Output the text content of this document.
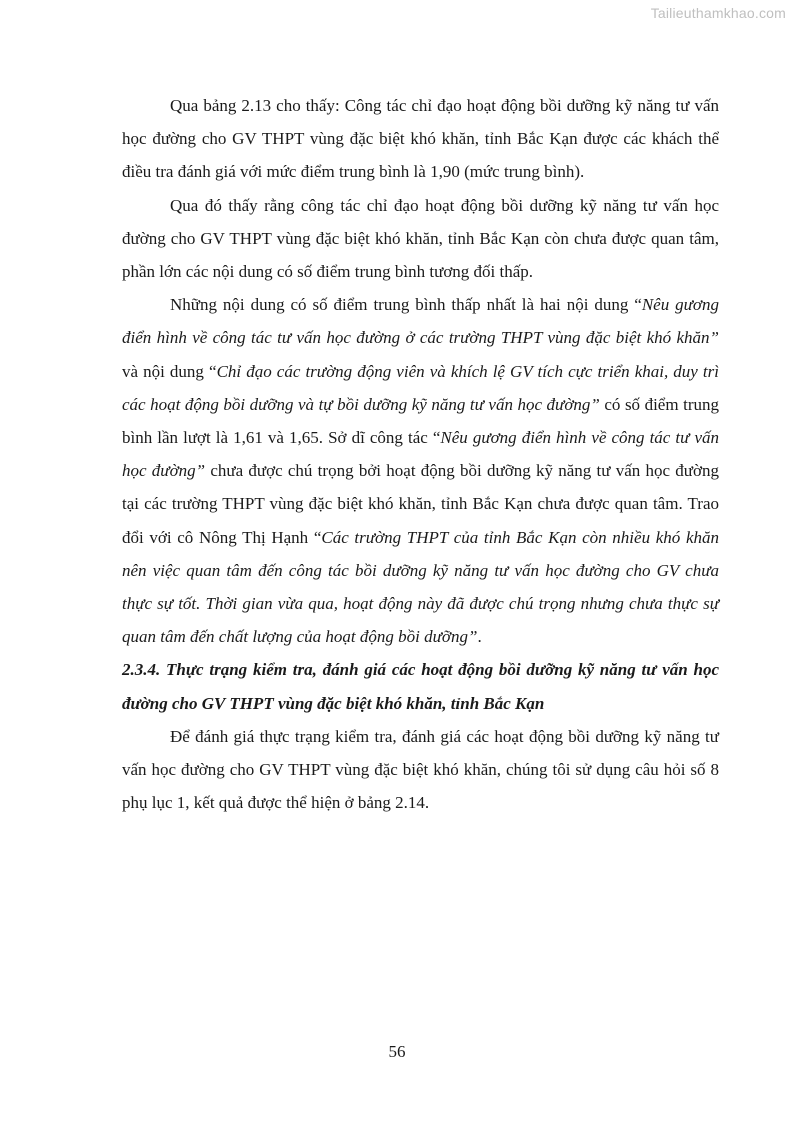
Tailieuthamkhao.com

Qua bảng 2.13 cho thấy: Công tác chỉ đạo hoạt động bồi dưỡng kỹ năng tư vấn học đường cho GV THPT vùng đặc biệt khó khăn, tỉnh Bắc Kạn được các khách thể điều tra đánh giá với mức điểm trung bình là 1,90 (mức trung bình).

Qua đó thấy rằng công tác chỉ đạo hoạt động bồi dưỡng kỹ năng tư vấn học đường cho GV THPT vùng đặc biệt khó khăn, tỉnh Bắc Kạn còn chưa được quan tâm, phần lớn các nội dung có số điểm trung bình tương đối thấp.

Những nội dung có số điểm trung bình thấp nhất là hai nội dung “Nêu gương điển hình về công tác tư vấn học đường ở các trường THPT vùng đặc biệt khó khăn” và nội dung “Chỉ đạo các trường động viên và khích lệ GV tích cực triển khai, duy trì các hoạt động bồi dưỡng và tự bồi dưỡng kỹ năng tư vấn học đường” có số điểm trung bình lần lượt là 1,61 và 1,65. Sở dĩ công tác “Nêu gương điển hình về công tác tư vấn học đường” chưa được chú trọng bởi hoạt động bồi dưỡng kỹ năng tư vấn học đường tại các trường THPT vùng đặc biệt khó khăn, tỉnh Bắc Kạn chưa được quan tâm. Trao đổi với cô Nông Thị Hạnh “Các trường THPT của tỉnh Bắc Kạn còn nhiều khó khăn nên việc quan tâm đến công tác bồi dưỡng kỹ năng tư vấn học đường cho GV chưa thực sự tốt. Thời gian vừa qua, hoạt động này đã được chú trọng nhưng chưa thực sự quan tâm đến chất lượng của hoạt động bồi dưỡng”.

2.3.4. Thực trạng kiểm tra, đánh giá các hoạt động bồi dưỡng kỹ năng tư vấn học đường cho GV THPT vùng đặc biệt khó khăn, tỉnh Bắc Kạn

Để đánh giá thực trạng kiểm tra, đánh giá các hoạt động bồi dưỡng kỹ năng tư vấn học đường cho GV THPT vùng đặc biệt khó khăn, chúng tôi sử dụng câu hỏi số 8 phụ lục 1, kết quả được thể hiện ở bảng 2.14.

56
